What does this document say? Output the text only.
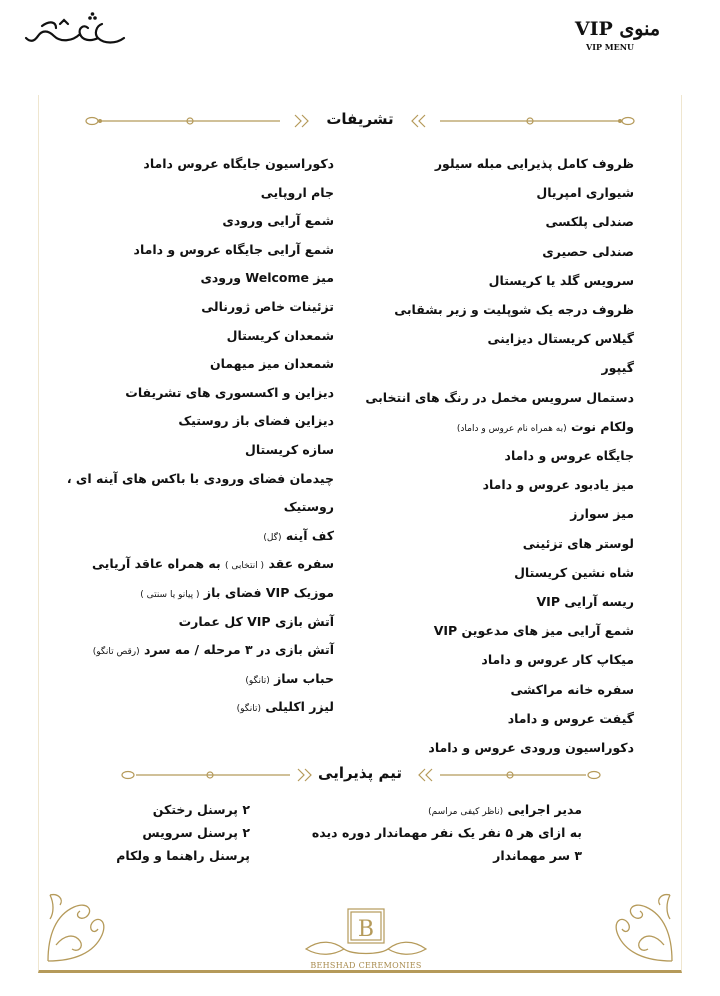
منوی VIP
VIP MENU
تشریفات
ظروف کامل پذیرایی مبله سیلور
شیواری امپریال
صندلی پلکسی
صندلی حصیری
سرویس گلد یا کریستال
ظروف درجه یک شوپلیت و زیر بشقابی
گیلاس کریستال دیزاینی
گیپور
دستمال سرویس مخمل در رنگ های انتخابی
ولکام نوت (به همراه نام عروس و داماد)
جایگاه عروس و داماد
میز یادبود عروس و داماد
میز سوارز
لوستر های تزئینی
شاه نشین کریستال
ریسه آرایی VIP
شمع آرایی میز های مدعوین VIP
میکاپ کار عروس و داماد
سفره خانه مراکشی
گیفت عروس و داماد
دکوراسیون ورودی عروس و داماد
دکوراسیون جایگاه عروس داماد
جام اروپایی
شمع آرایی ورودی
شمع آرایی جایگاه عروس و داماد
میز Welcome ورودی
تزئینات خاص ژورنالی
شمعدان کریستال
شمعدان میز میهمان
دیزاین و اکسسوری های تشریفات
دیزاین فضای باز روستیک
سازه کریستال
چیدمان فضای ورودی با باکس های آینه ای ،
روستیک
کف آینه (گل)
سفره عقد ( انتخابی ) به همراه عاقد آریایی
موزیک VIP فضای باز ( پیانو یا سنتی )
آتش بازی VIP کل عمارت
آتش بازی در ۳ مرحله / مه سرد (رقص تانگو)
حباب ساز (تانگو)
لیزر اکلیلی (تانگو)
تیم پذیرایی
مدیر اجرایی (ناظر کیفی مراسم)
به ازای هر ۵ نفر یک نفر مهماندار دوره دیده
۳ سر مهماندار
۲ پرسنل رختکن
۲ پرسنل سرویس
پرسنل راهنما و ولکام
B
BEHSHAD CEREMONIES
